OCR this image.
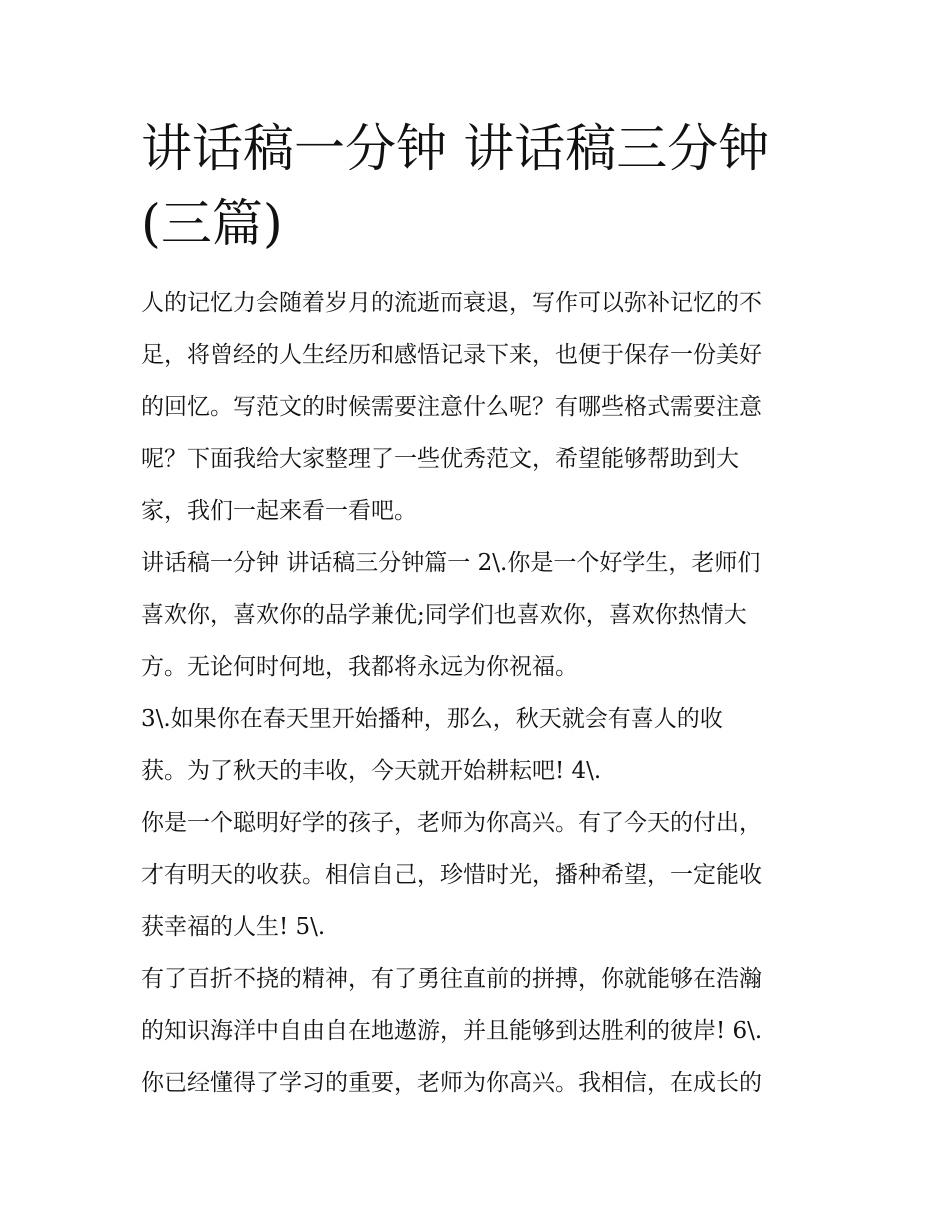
讲话稿一分钟 讲话稿三分钟
(三篇)
人的记忆力会随着岁月的流逝而衰退，写作可以弥补记忆的不
足，将曾经的人生经历和感悟记录下来，也便于保存一份美好
的回忆。写范文的时候需要注意什么呢？有哪些格式需要注意
呢？下面我给大家整理了一些优秀范文，希望能够帮助到大
家，我们一起来看一看吧。
讲话稿一分钟 讲话稿三分钟篇一 2\.你是一个好学生，老师们
喜欢你，喜欢你的品学兼优;同学们也喜欢你，喜欢你热情大
方。无论何时何地，我都将永远为你祝福。
3\.如果你在春天里开始播种，那么，秋天就会有喜人的收
获。为了秋天的丰收，今天就开始耕耘吧! 4\.
你是一个聪明好学的孩子，老师为你高兴。有了今天的付出，
才有明天的收获。相信自己，珍惜时光，播种希望，一定能收
获幸福的人生! 5\.
有了百折不挠的精神，有了勇往直前的拼搏，你就能够在浩瀚
的知识海洋中自由自在地遨游，并且能够到达胜利的彼岸! 6\.
你已经懂得了学习的重要，老师为你高兴。我相信，在成长的
